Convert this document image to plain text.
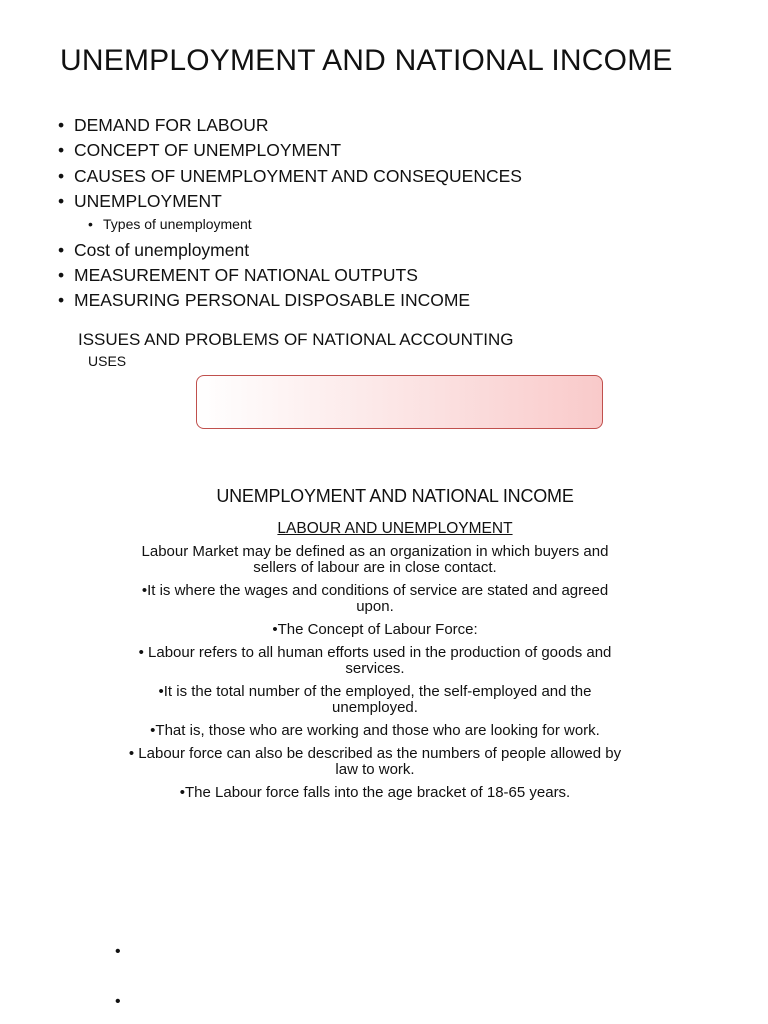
UNEMPLOYMENT AND NATIONAL INCOME
• DEMAND FOR LABOUR
• CONCEPT OF UNEMPLOYMENT
• CAUSES OF UNEMPLOYMENT AND CONSEQUENCES
• UNEMPLOYMENT
• Types of unemployment
• Cost of unemployment
• MEASUREMENT OF NATIONAL OUTPUTS
• MEASURING PERSONAL DISPOSABLE INCOME
ISSUES AND PROBLEMS OF NATIONAL ACCOUNTING
USES
UNEMPLOYMENT AND NATIONAL INCOME
LABOUR AND UNEMPLOYMENT

Labour Market may be defined as an organization in which buyers and sellers of labour are in close contact.

•It is where the wages and conditions of service are stated and agreed upon.

•The Concept of Labour Force:

• Labour refers to all human efforts used in the production of goods and services.

•It is the total number of the employed, the self-employed and the unemployed.

•That is, those who are working and those who are looking for work.

• Labour force can also be described as the numbers of people allowed by law to work.

•The Labour force falls into the age bracket of 18-65 years.

•
•
